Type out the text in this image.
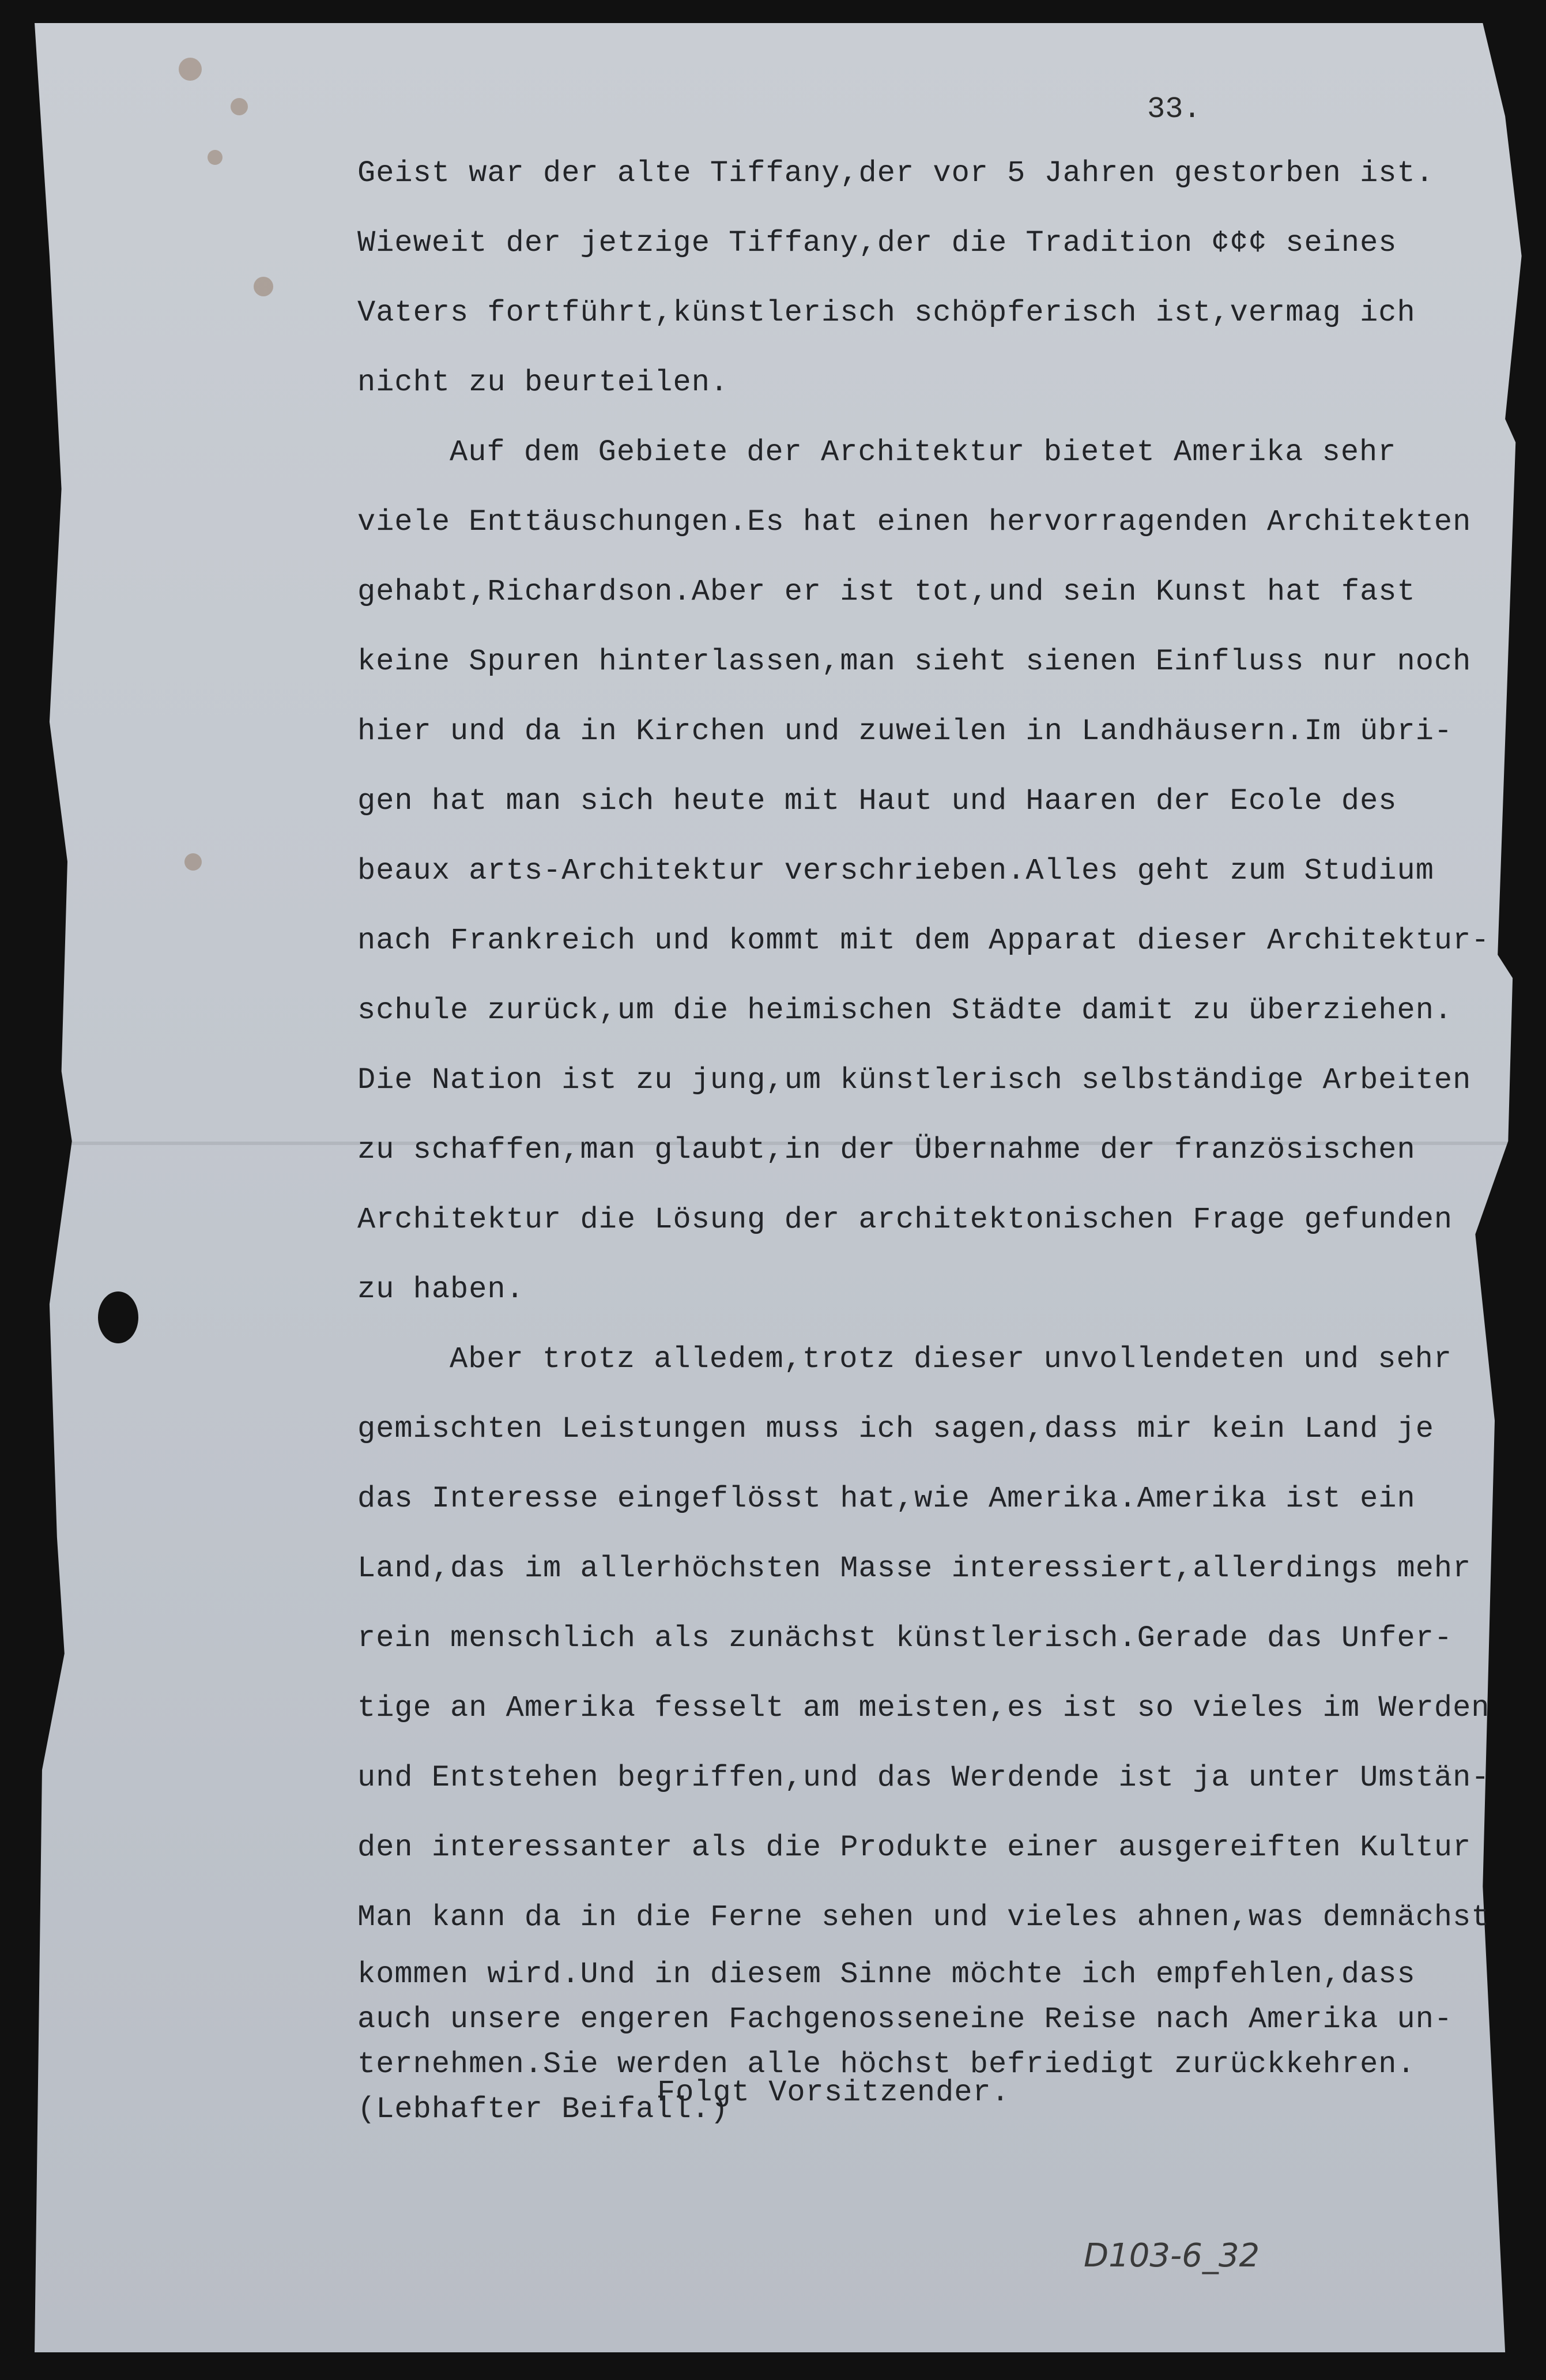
33.
Geist war der alte Tiffany,der vor 5 Jahren gestorben ist.
Wieweit der jetzige Tiffany,der die Tradition ¢¢¢ seines
Vaters fortführt,künstlerisch schöpferisch ist,vermag ich
nicht zu beurteilen.
Auf dem Gebiete der Architektur bietet Amerika sehr
viele Enttäuschungen.Es hat einen hervorragenden Architekten
gehabt,Richardson.Aber er ist tot,und sein Kunst hat fast
keine Spuren hinterlassen,man sieht sienen Einfluss nur noch
hier und da in Kirchen und zuweilen in Landhäusern.Im übri-
gen hat man sich heute mit Haut und Haaren der Ecole des
beaux arts-Architektur verschrieben.Alles geht zum Studium
nach Frankreich und kommt mit dem Apparat dieser Architektur-
schule zurück,um die heimischen Städte damit zu überziehen.
Die Nation ist zu jung,um künstlerisch selbständige Arbeiten
zu schaffen,man glaubt,in der Übernahme der französischen
Architektur die Lösung der architektonischen Frage gefunden
zu haben.
Aber trotz alledem,trotz dieser unvollendeten und sehr
gemischten Leistungen muss ich sagen,dass mir kein Land je
das Interesse eingeflösst hat,wie Amerika.Amerika ist ein
Land,das im allerhöchsten Masse interessiert,allerdings mehr
rein menschlich als zunächst künstlerisch.Gerade das Unfer-
tige an Amerika fesselt am meisten,es ist so vieles im Werden
und Entstehen begriffen,und das Werdende ist ja unter Umstän-
den interessanter als die Produkte einer ausgereiften Kultur
Man kann da in die Ferne sehen und vieles ahnen,was demnächst
kommen wird.Und in diesem Sinne möchte ich empfehlen,dass
auch unsere engeren Fachgenosseneine Reise nach Amerika un-
ternehmen.Sie werden alle höchst befriedigt zurückkehren.
(Lebhafter Beifall.)
Folgt Vorsitzender.
D103-6_32
